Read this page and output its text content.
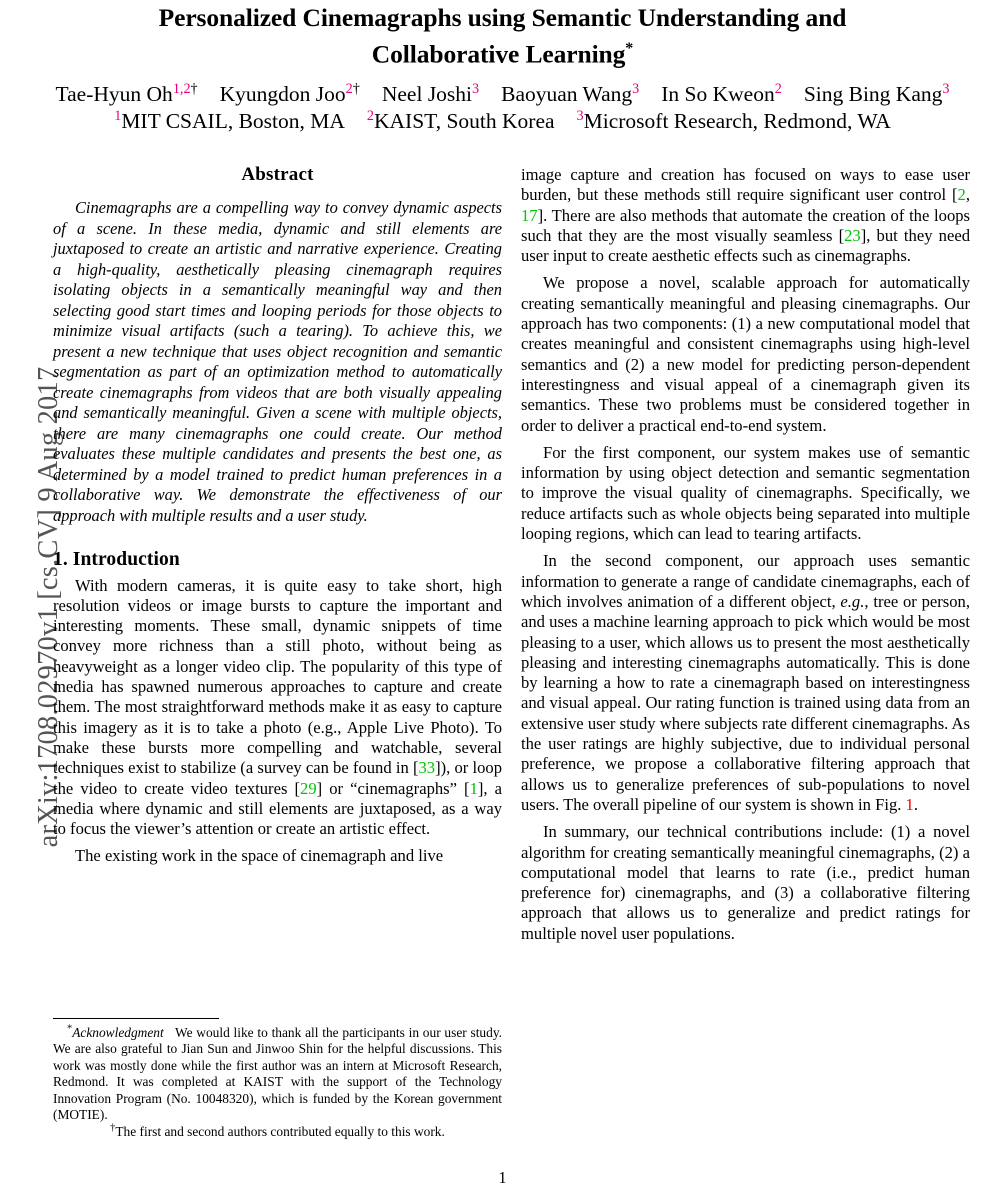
arXiv:1708.02970v1 [cs.CV] 9 Aug 2017
Personalized Cinemagraphs using Semantic Understanding and
Collaborative Learning*
Tae-Hyun $Oh^{1,2\dagger}$ Kyungdon Joo$^{2\dagger}$ Neel Joshi$^3$ Baoyuan Wang$^3$ In So Kweon$^2$ Sing Bing Kang$^3$
$^1$MIT CSAIL, Boston, MA $^2$KAIST, South Korea $^3$Microsoft Research, Redmond, WA
Abstract

Cinemagraphs are a compelling way to convey dynamic aspects of a scene. In these media, dynamic and still elements are juxtaposed to create an artistic and narrative experience. Creating a high-quality, aesthetically pleasing cinemagraph requires isolating objects in a semantically meaningful way and then selecting good start times and looping periods for those objects to minimize visual artifacts (such a tearing). To achieve this, we present a new technique that uses object recognition and semantic segmentation as part of an optimization method to automatically create cinemagraphs from videos that are both visually appealing and semantically meaningful. Given a scene with multiple objects, there are many cinemagraphs one could create. Our method evaluates these multiple candidates and presents the best one, as determined by a model trained to predict human preferences in a collaborative way. We demonstrate the effectiveness of our approach with multiple results and a user study.

1. Introduction

With modern cameras, it is quite easy to take short, high resolution videos or image bursts to capture the important and interesting moments. These small, dynamic snippets of time convey more richness than a still photo, without being as heavyweight as a longer video clip. The popularity of this type of media has spawned numerous approaches to capture and create them. The most straightforward methods make it as easy to capture this imagery as it is to take a photo (e.g., Apple Live Photo). To make these bursts more compelling and watchable, several techniques exist to stabilize (a survey can be found in [33]), or loop the video to create video textures [29] or “cinemagraphs” [1], a media where dynamic and still elements are juxtaposed, as a way to focus the viewer’s attention or create an artistic effect.

The existing work in the space of cinemagraph and live

image capture and creation has focused on ways to ease user burden, but these methods still require significant user control [2, 17]. There are also methods that automate the creation of the loops such that they are the most visually seamless [23], but they need user input to create aesthetic effects such as cinemagraphs.

We propose a novel, scalable approach for automatically creating semantically meaningful and pleasing cinemagraphs. Our approach has two components: (1) a new computational model that creates meaningful and consistent cinemagraphs using high-level semantics and (2) a new model for predicting person-dependent interestingness and visual appeal of a cinemagraph given its semantics. These two problems must be considered together in order to deliver a practical end-to-end system.

For the first component, our system makes use of semantic information by using object detection and semantic segmentation to improve the visual quality of cinemagraphs. Specifically, we reduce artifacts such as whole objects being separated into multiple looping regions, which can lead to tearing artifacts.

In the second component, our approach uses semantic information to generate a range of candidate cinemagraphs, each of which involves animation of a different object, e.g., tree or person, and uses a machine learning approach to pick which would be most pleasing to a user, which allows us to present the most aesthetically pleasing and interesting cinemagraphs automatically. This is done by learning a how to rate a cinemagraph based on interestingness and visual appeal. Our rating function is trained using data from an extensive user study where subjects rate different cinemagraphs. As the user ratings are highly subjective, due to individual personal preference, we propose a collaborative filtering approach that allows us to generalize preferences of sub-populations to novel users. The overall pipeline of our system is shown in Fig. 1.

In summary, our technical contributions include: (1) a novel algorithm for creating semantically meaningful cinemagraphs, (2) a computational model that learns to rate (i.e., predict human preference for) cinemagraphs, and (3) a collaborative filtering approach that allows us to generalize and predict ratings for multiple novel user populations.

*Acknowledgment We would like to thank all the participants in our user study. We are also grateful to Jian Sun and Jinwoo Shin for the helpful discussions. This work was mostly done while the first author was an intern at Microsoft Research, Redmond. It was completed at KAIST with the support of the Technology Innovation Program (No. 10048320), which is funded by the Korean government (MOTIE).

†The first and second authors contributed equally to this work.

1
